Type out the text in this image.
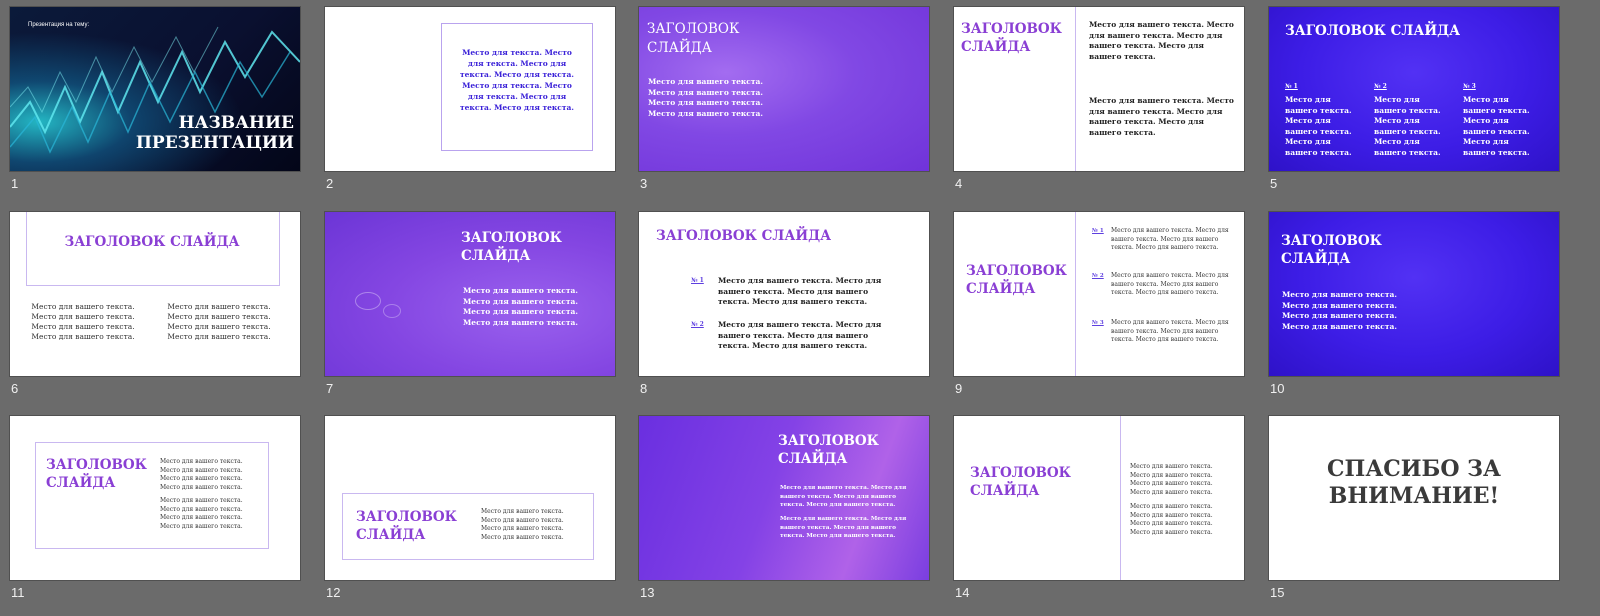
Презентация на тему:
НАЗВАНИЕ ПРЕЗЕНТАЦИИ
1
Место для текста. Место для текста. Место для текста. Место для текста. Место для текста. Место для текста. Место для текста. Место для текста.
2
ЗАГОЛОВОК СЛАЙДА
Место для вашего текста. Место для вашего текста. Место для вашего текста. Место для вашего текста.
3
ЗАГОЛОВОК СЛАЙДА
Место для вашего текста. Место для вашего текста. Место для вашего текста. Место для вашего текста.
Место для вашего текста. Место для вашего текста. Место для вашего текста. Место для вашего текста.
4
ЗАГОЛОВОК СЛАЙДА
№ 1
Место для вашего текста. Место для вашего текста. Место для вашего текста.
№ 2
Место для вашего текста. Место для вашего текста. Место для вашего текста.
№ 3
Место для вашего текста. Место для вашего текста. Место для вашего текста.
5
ЗАГОЛОВОК СЛАЙДА
Место для вашего текста. Место для вашего текста. Место для вашего текста. Место для вашего текста.
Место для вашего текста. Место для вашего текста. Место для вашего текста. Место для вашего текста.
6
ЗАГОЛОВОК СЛАЙДА
Место для вашего текста. Место для вашего текста. Место для вашего текста. Место для вашего текста.
7
ЗАГОЛОВОК СЛАЙДА
№ 1 Место для вашего текста. Место для вашего текста. Место для вашего текста. Место для вашего текста.
№ 2 Место для вашего текста. Место для вашего текста. Место для вашего текста. Место для вашего текста.
8
ЗАГОЛОВОК СЛАЙДА
№ 1 Место для вашего текста. Место для вашего текста. Место для вашего текста. Место для вашего текста.
№ 2 Место для вашего текста. Место для вашего текста. Место для вашего текста. Место для вашего текста.
№ 3 Место для вашего текста. Место для вашего текста. Место для вашего текста. Место для вашего текста.
9
ЗАГОЛОВОК СЛАЙДА
Место для вашего текста. Место для вашего текста. Место для вашего текста. Место для вашего текста.
10
ЗАГОЛОВОК СЛАЙДА
Место для вашего текста. Место для вашего текста. Место для вашего текста. Место для вашего текста.
Место для вашего текста. Место для вашего текста. Место для вашего текста. Место для вашего текста.
11
ЗАГОЛОВОК СЛАЙДА
Место для вашего текста. Место для вашего текста. Место для вашего текста. Место для вашего текста.
12
ЗАГОЛОВОК СЛАЙДА
Место для вашего текста. Место для вашего текста. Место для вашего текста. Место для вашего текста.
Место для вашего текста. Место для вашего текста. Место для вашего текста. Место для вашего текста.
13
ЗАГОЛОВОК СЛАЙДА
Место для вашего текста. Место для вашего текста. Место для вашего текста. Место для вашего текста.
Место для вашего текста. Место для вашего текста. Место для вашего текста. Место для вашего текста.
14
СПАСИБО ЗА ВНИМАНИЕ!
15
